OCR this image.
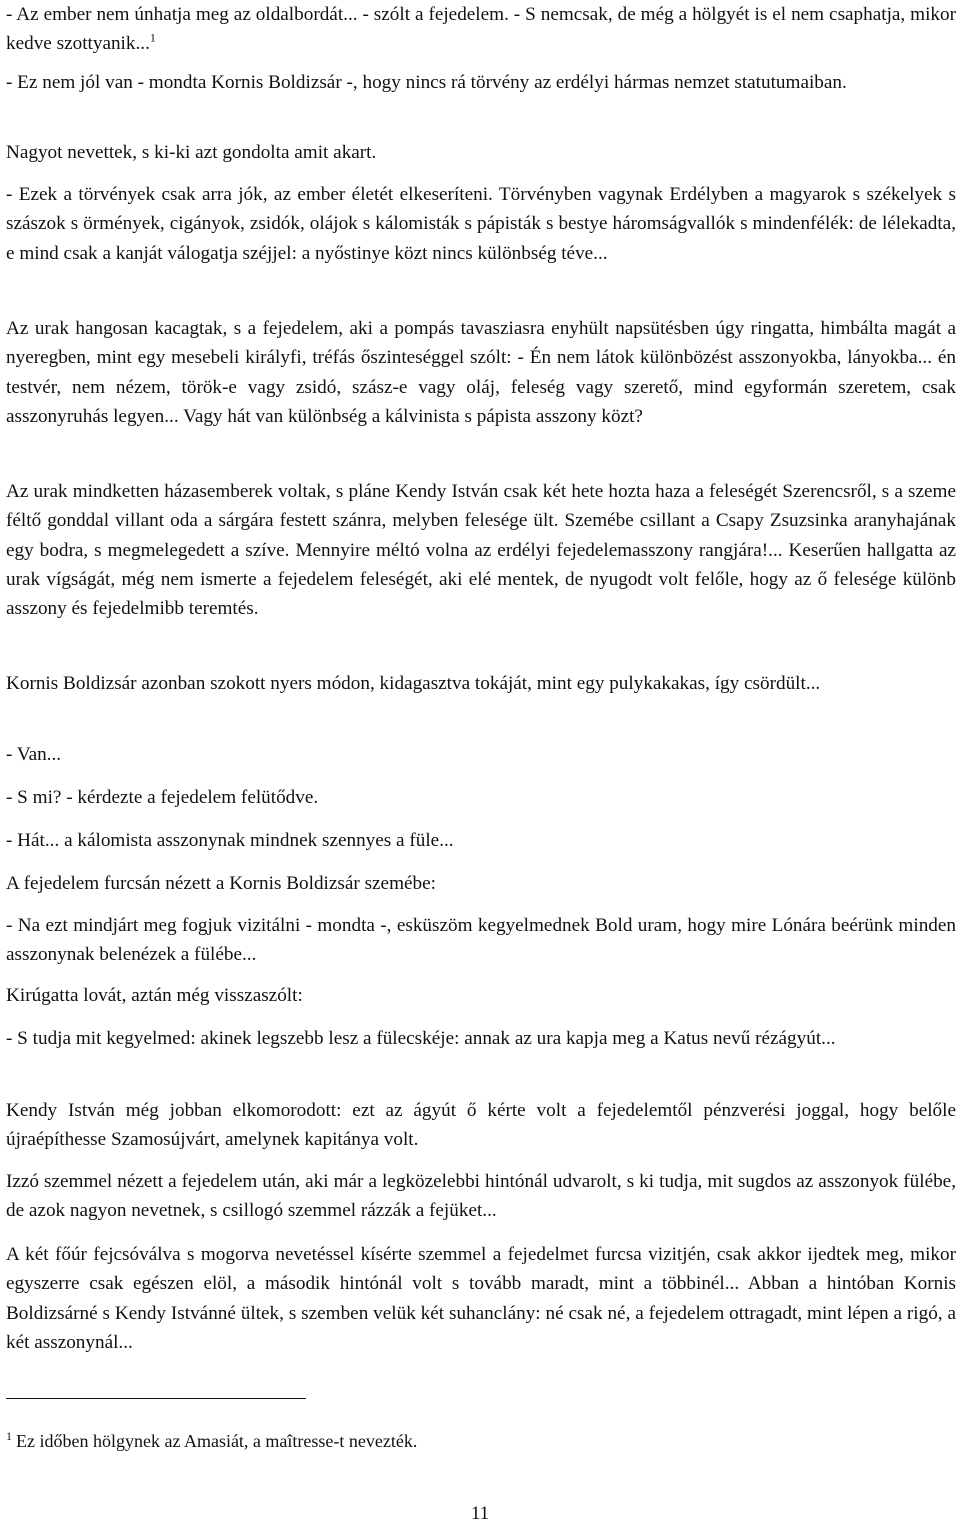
- Az ember nem únhatja meg az oldalbordát... - szólt a fejedelem. - S nemcsak, de még a hölgyét is el nem csaphatja, mikor kedve szottyanik...$^1$

- Ez nem jól van - mondta Kornis Boldizsár -, hogy nincs rá törvény az erdélyi hármas nemzet statutumaiban.

Nagyot nevettek, s ki-ki azt gondolta amit akart.

- Ezek a törvények csak arra jók, az ember életét elkeseríteni. Törvényben vagynak Erdélyben a magyarok s székelyek s szászok s örmények, cigányok, zsidók, olájok s kálomisták s pápisták s bestye háromságvallók s mindenfélék: de lélekadta, e mind csak a kanját válogatja széjjel: a nyőstinye közt nincs különbség téve...

Az urak hangosan kacagtak, s a fejedelem, aki a pompás tavasziasra enyhült napsütésben úgy ringatta, himbálta magát a nyeregben, mint egy mesebeli királyfi, tréfás őszinteséggel szólt: - Én nem látok különbözést asszonyokba, lányokba... én testvér, nem nézem, török-e vagy zsidó, szász-e vagy oláj, feleség vagy szerető, mind egyformán szeretem, csak asszonyruhás legyen... Vagy hát van különbség a kálvinista s pápista asszony közt?

Az urak mindketten házasemberek voltak, s pláne Kendy István csak két hete hozta haza a feleségét Szerencsről, s a szeme féltő gonddal villant oda a sárgára festett szánra, melyben felesége ült. Szemébe csillant a Csapy Zsuzsinka aranyhajának egy bodra, s megmelegedett a szíve. Mennyire méltó volna az erdélyi fejedelemasszony rangjára!... Keserűen hallgatta az urak vígságát, még nem ismerte a fejedelem feleségét, aki elé mentek, de nyugodt volt felőle, hogy az ő felesége különb asszony és fejedelmibb teremtés.

Kornis Boldizsár azonban szokott nyers módon, kidagasztva tokáját, mint egy pulykakakas, így csördült...

- Van...

- S mi? - kérdezte a fejedelem felütődve.

- Hát... a kálomista asszonynak mindnek szennyes a füle...

A fejedelem furcsán nézett a Kornis Boldizsár szemébe:

- Na ezt mindjárt meg fogjuk vizitálni - mondta -, esküszöm kegyelmednek Bold uram, hogy mire Lónára beérünk minden asszonynak belenézek a fülébe...

Kirúgatta lovát, aztán még visszaszólt:

- S tudja mit kegyelmed: akinek legszebb lesz a fülecskéje: annak az ura kapja meg a Katus nevű rézágyút...

Kendy István még jobban elkomorodott: ezt az ágyút ő kérte volt a fejedelemtől pénzverési joggal, hogy belőle újraépíthesse Szamosújvárt, amelynek kapitánya volt.

Izzó szemmel nézett a fejedelem után, aki már a legközelebbi hintónál udvarolt, s ki tudja, mit sugdos az asszonyok fülébe, de azok nagyon nevetnek, s csillogó szemmel rázzák a fejüket...

A két főúr fejcsóválva s mogorva nevetéssel kísérte szemmel a fejedelmet furcsa vizitjén, csak akkor ijedtek meg, mikor egyszerre csak egészen elöl, a második hintónál volt s tovább maradt, mint a többinél... Abban a hintóban Kornis Boldizsárné s Kendy Istvánné ültek, s szemben velük két suhanclány: né csak né, a fejedelem ottragadt, mint lépen a rigó, a két asszonynál...

$^1$ Ez időben hölgynek az Amasiát, a maîtresse-t nevezték.
11
